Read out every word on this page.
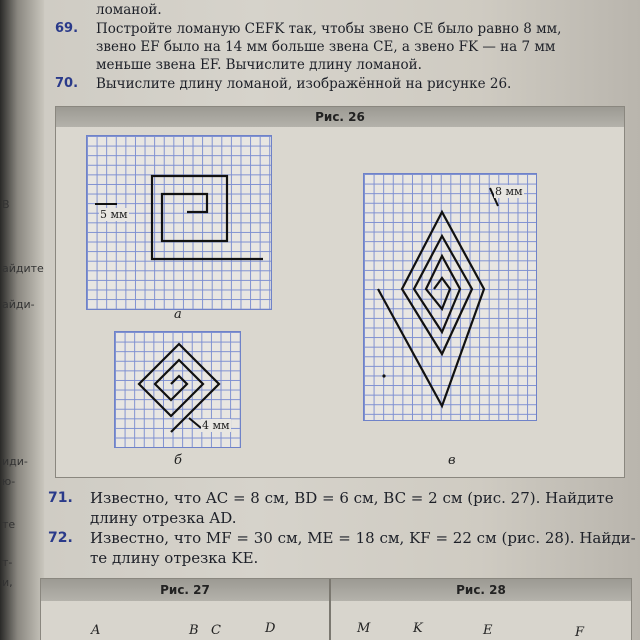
В
айдите
айди-
иди-
ю-
те
т-
и,
ломаной.
69. Постройте ломаную CEFK так, чтобы звено CE было равно 8 мм,
звено EF было на 14 мм больше звена CE, а звено FK — на 7 мм
меньше звена EF. Вычислите длину ломаной.
70. Вычислите длину ломаной, изображённой на рисунке 26.
Рис. 26
5 мм
а
4 мм
б
8 мм
в
71. Известно, что AC = 8 см, BD = 6 см, BC = 2 см (рис. 27). Найдите
длину отрезка AD.
72. Известно, что MF = 30 см, ME = 18 см, KF = 22 см (рис. 28). Найди-
те длину отрезка KE.
Рис. 27	Рис. 28
A	B C	D	M	K	E	F
